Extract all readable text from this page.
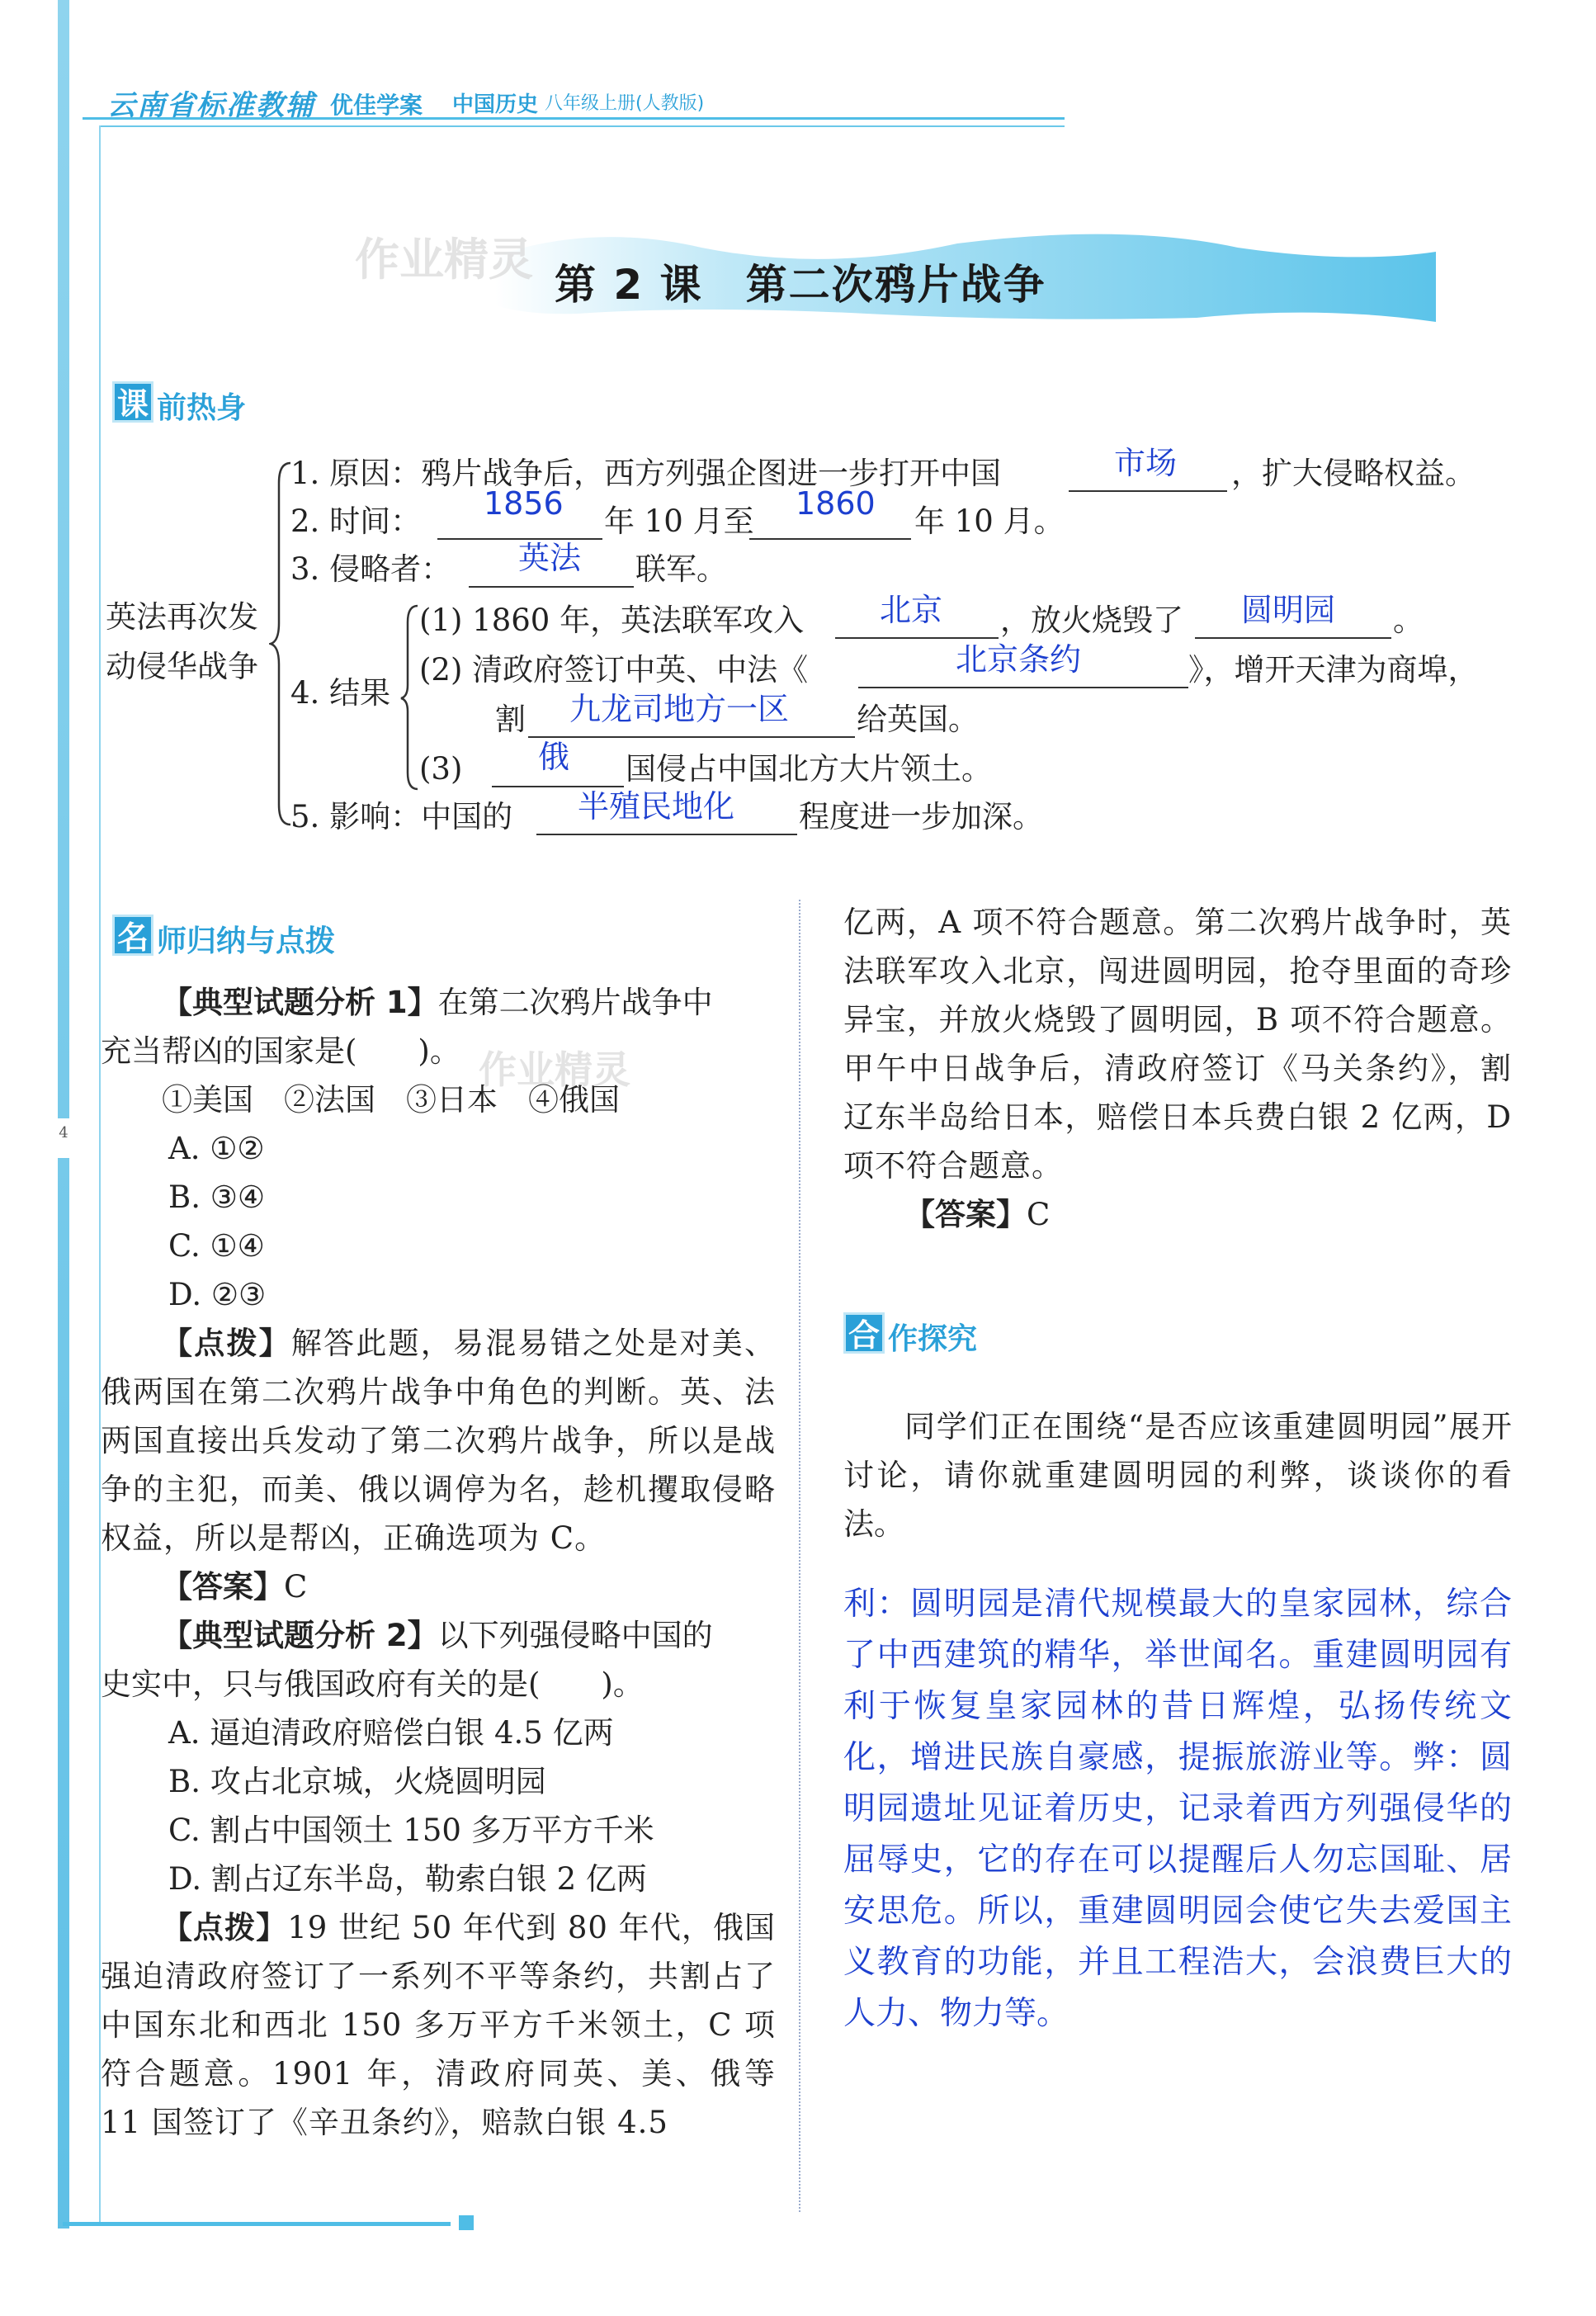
4
云南省标准教辅 优佳学案 中国历史 八年级上册(人教版)
作业精灵 第 2 课　第二次鸦片战争
课 前热身
英法再次发
动侵华战争
1. 原因：鸦片战争后，西方列强企图进一步打开中国	市场 ，扩大侵略权益。
2. 时间： 1856 年 10 月至 1860 年 10 月。
3. 侵略者： 英法 联军。
4. 结果
(1) 1860 年，英法联军攻入 北京 ，放火烧毁了 圆明园 。
(2) 清政府签订中英、中法《	北京条约	》，增开天津为商埠，
割 九龙司地方一区 给英国。
(3) 俄 国侵占中国北方大片领土。
5. 影响：中国的 半殖民地化 程度进一步加深。
名 师归纳与点拨
作业精灵

【典型试题分析 1】在第二次鸦片战争中

充当帮凶的国家是(　　)。

①美国　②法国　③日本　④俄国

A. ①②

B. ③④

C. ①④

D. ②③

【点拨】解答此题，易混易错之处是对美、俄两国在第二次鸦片战争中角色的判断。英、法两国直接出兵发动了第二次鸦片战争，所以是战争的主犯，而美、俄以调停为名，趁机攫取侵略权益，所以是帮凶，正确选项为 C。

【答案】C

【典型试题分析 2】以下列强侵略中国的

史实中，只与俄国政府有关的是(　　)。

A. 逼迫清政府赔偿白银 4.5 亿两

B. 攻占北京城，火烧圆明园

C. 割占中国领土 150 多万平方千米

D. 割占辽东半岛，勒索白银 2 亿两

【点拨】19 世纪 50 年代到 80 年代，俄国强迫清政府签订了一系列不平等条约，共割占了中国东北和西北 150 多万平方千米领土，C 项符合题意。1901 年，清政府同英、美、俄等 11 国签订了《辛丑条约》，赔款白银 4.5

亿两，A 项不符合题意。第二次鸦片战争时，英法联军攻入北京，闯进圆明园，抢夺里面的奇珍异宝，并放火烧毁了圆明园，B 项不符合题意。甲午中日战争后，清政府签订《马关条约》，割辽东半岛给日本，赔偿日本兵费白银 2 亿两，D 项不符合题意。

【答案】C

合 作探究

同学们正在围绕“是否应该重建圆明园”展开讨论，请你就重建圆明园的利弊，谈谈你的看法。

利：圆明园是清代规模最大的皇家园林，综合了中西建筑的精华，举世闻名。重建圆明园有利于恢复皇家园林的昔日辉煌，弘扬传统文化，增进民族自豪感，提振旅游业等。弊：圆明园遗址见证着历史，记录着西方列强侵华的屈辱史，它的存在可以提醒后人勿忘国耻、居安思危。所以，重建圆明园会使它失去爱国主义教育的功能，并且工程浩大，会浪费巨大的人力、物力等。
